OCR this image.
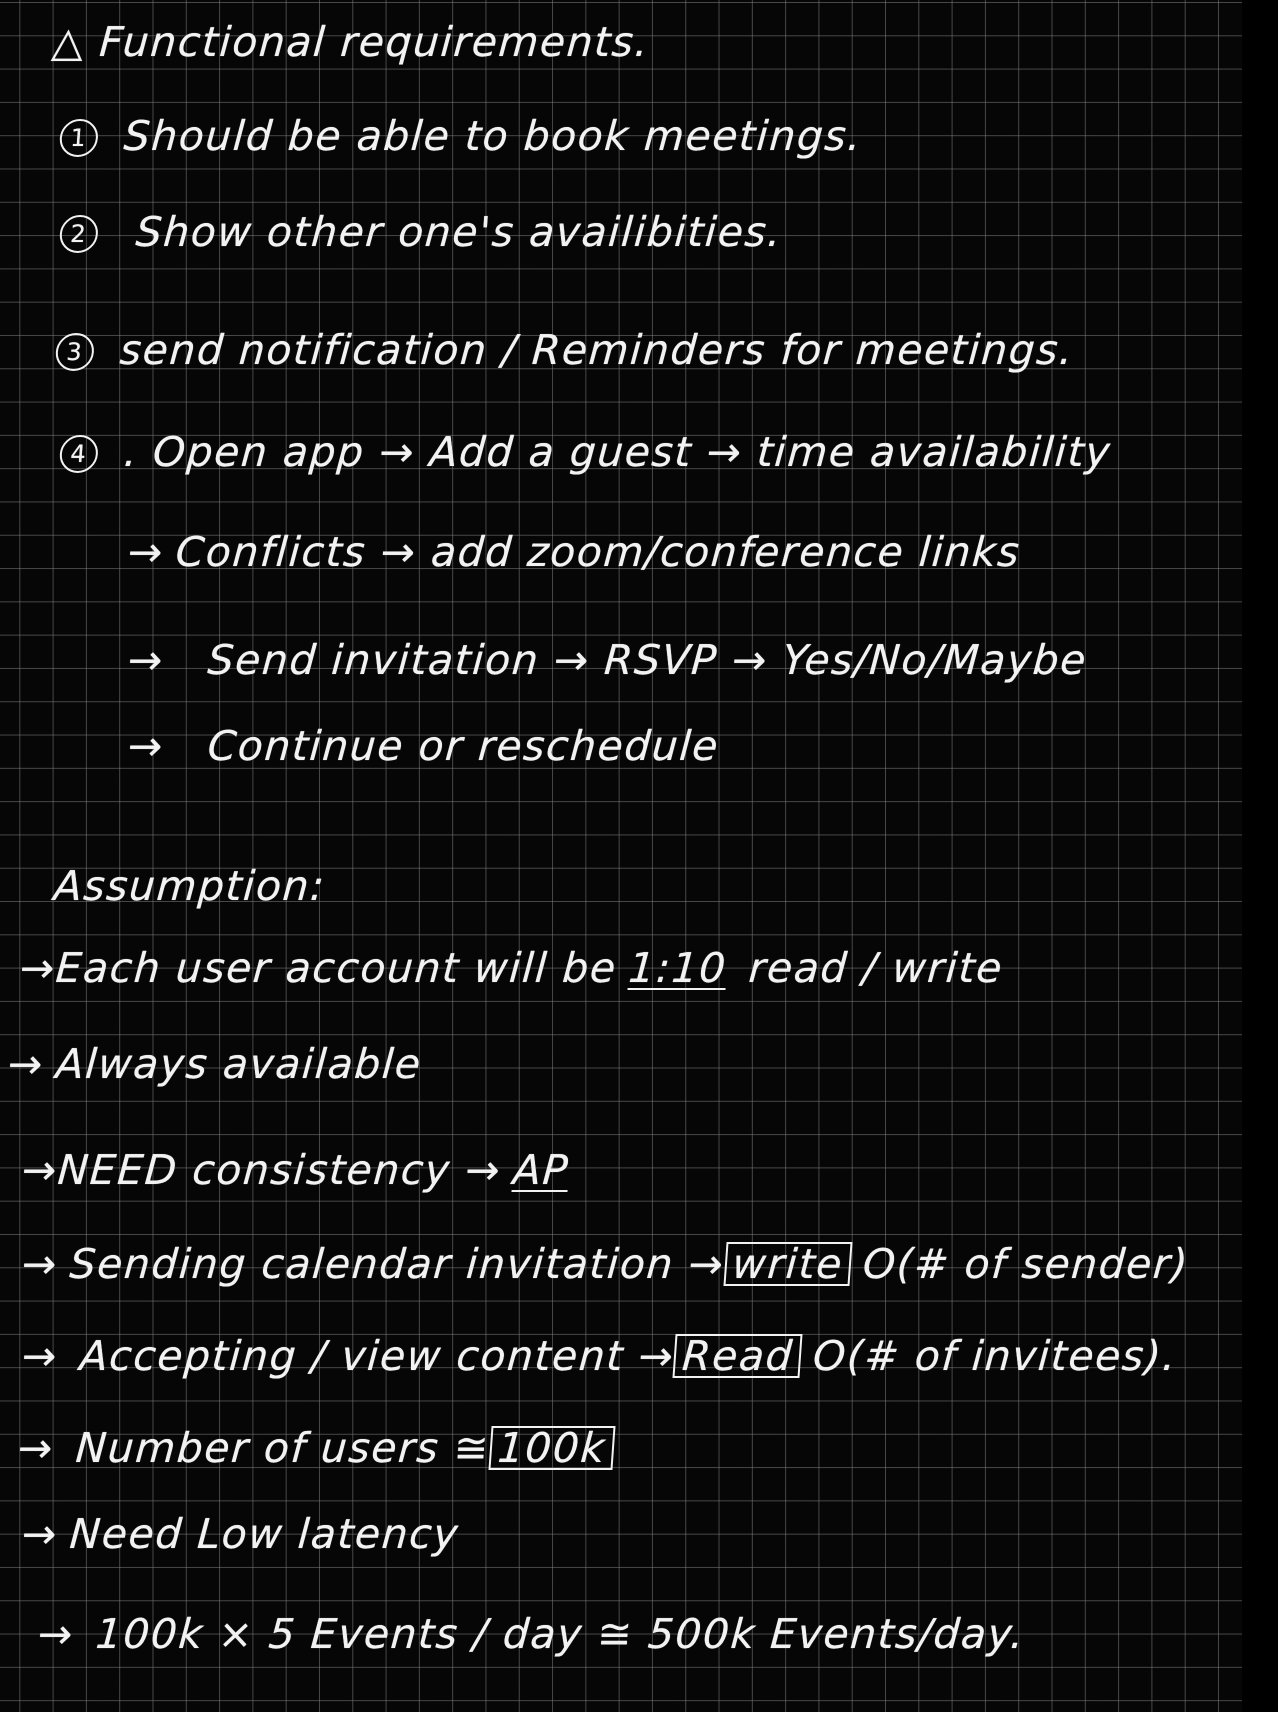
△ Functional requirements.
1 Should be able to book meetings.
2 Show other one's availibities.
3 send notification / Reminders for meetings.
4 . Open app → Add a guest → time availability
→ Conflicts → add zoom/conference links
→ Send invitation → RSVP → Yes/No/Maybe
→ Continue or reschedule
Assumption:
→Each user account will be 1:10 read / write
→ Always available
→NEED consistency → AP
→ Sending calendar invitation → write O(# of sender)
→ Accepting / view content → Read O(# of invitees).
→ Number of users ≅ 100k
→ Need Low latency
→ 100k × 5 Events / day ≅ 500k Events/day.
